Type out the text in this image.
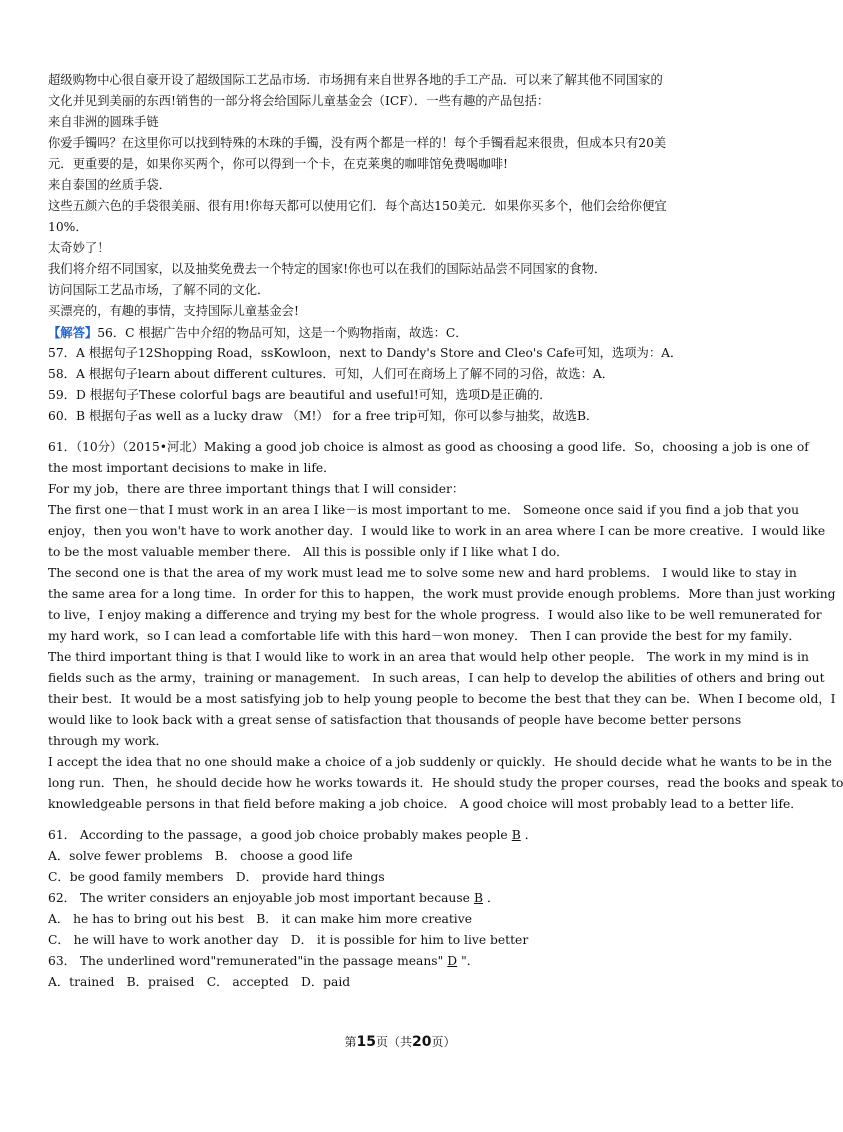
超级购物中心很自豪开设了超级国际工艺品市场．市场拥有来自世界各地的手工产品．可以来了解其他不同国家的
文化并见到美丽的东西!销售的一部分将会给国际儿童基金会（ICF）．一些有趣的产品包括：
来自非洲的圆珠手链
你爱手镯吗？在这里你可以找到特殊的木珠的手镯，没有两个都是一样的！每个手镯看起来很贵，但成本只有20美
元．更重要的是，如果你买两个，你可以得到一个卡，在克莱奥的咖啡馆免费喝咖啡!
来自泰国的丝质手袋．
这些五颜六色的手袋很美丽、很有用!你每天都可以使用它们．每个高达150美元．如果你买多个，他们会给你便宜
10%．
太奇妙了！
我们将介绍不同国家，以及抽奖免费去一个特定的国家!你也可以在我们的国际站品尝不同国家的食物．
访问国际工艺品市场，了解不同的文化．
买漂亮的，有趣的事情，支持国际儿童基金会!
【解答】56．C 根据广告中介绍的物品可知，这是一个购物指南，故选：C．
57．A 根据句子12Shopping Road，ssKowloon，next to Dandy's Store and Cleo's Cafe可知，选项为：A．
58．A 根据句子learn about different cultures．可知，人们可在商场上了解不同的习俗，故选：A．
59．D 根据句子These colorful bags are beautiful and useful!可知，选项D是正确的．
60．B 根据句子as well as a lucky draw （M!） for a free trip可知，你可以参与抽奖，故选B．
61．（10分）（2015•河北）Making a good job choice is almost as good as choosing a good life．So，choosing a job is one of
the most important decisions to make in life．
For my job，there are three important things that I will consider：
The first one－that I must work in an area I like－is most important to me． Someone once said if you find a job that you
enjoy，then you won't have to work another day．I would like to work in an area where I can be more creative．I would like
to be the most valuable member there． All this is possible only if I like what I do．
The second one is that the area of my work must lead me to solve some new and hard problems． I would like to stay in
the same area for a long time．In order for this to happen，the work must provide enough problems．More than just working
to live，I enjoy making a difference and trying my best for the whole progress．I would also like to be well remunerated for
my hard work，so I can lead a comfortable life with this hard－won money． Then I can provide the best for my family．
The third important thing is that I would like to work in an area that would help other people． The work in my mind is in
fields such as the army，training or management． In such areas，I can help to develop the abilities of others and bring out
their best．It would be a most satisfying job to help young people to become the best that they can be．When I become old，I
would like to look back with a great sense of satisfaction that thousands of people have become better persons
through my work．
I accept the idea that no one should make a choice of a job suddenly or quickly．He should decide what he wants to be in the
long run．Then，he should decide how he works towards it．He should study the proper courses，read the books and speak to
knowledgeable persons in that field before making a job choice． A good choice will most probably lead to a better life．
61． According to the passage，a good job choice probably makes people B ．
A．solve fewer problems　B． choose a good life
C．be good family members　D． provide hard things
62． The writer considers an enjoyable job most important because B ．
A． he has to bring out his best　B． it can make him more creative
C． he will have to work another day　D． it is possible for him to live better
63． The underlined word"remunerated"in the passage means" D "．
A．trained　B．praised　C． accepted　D．paid
第15页（共20页）
